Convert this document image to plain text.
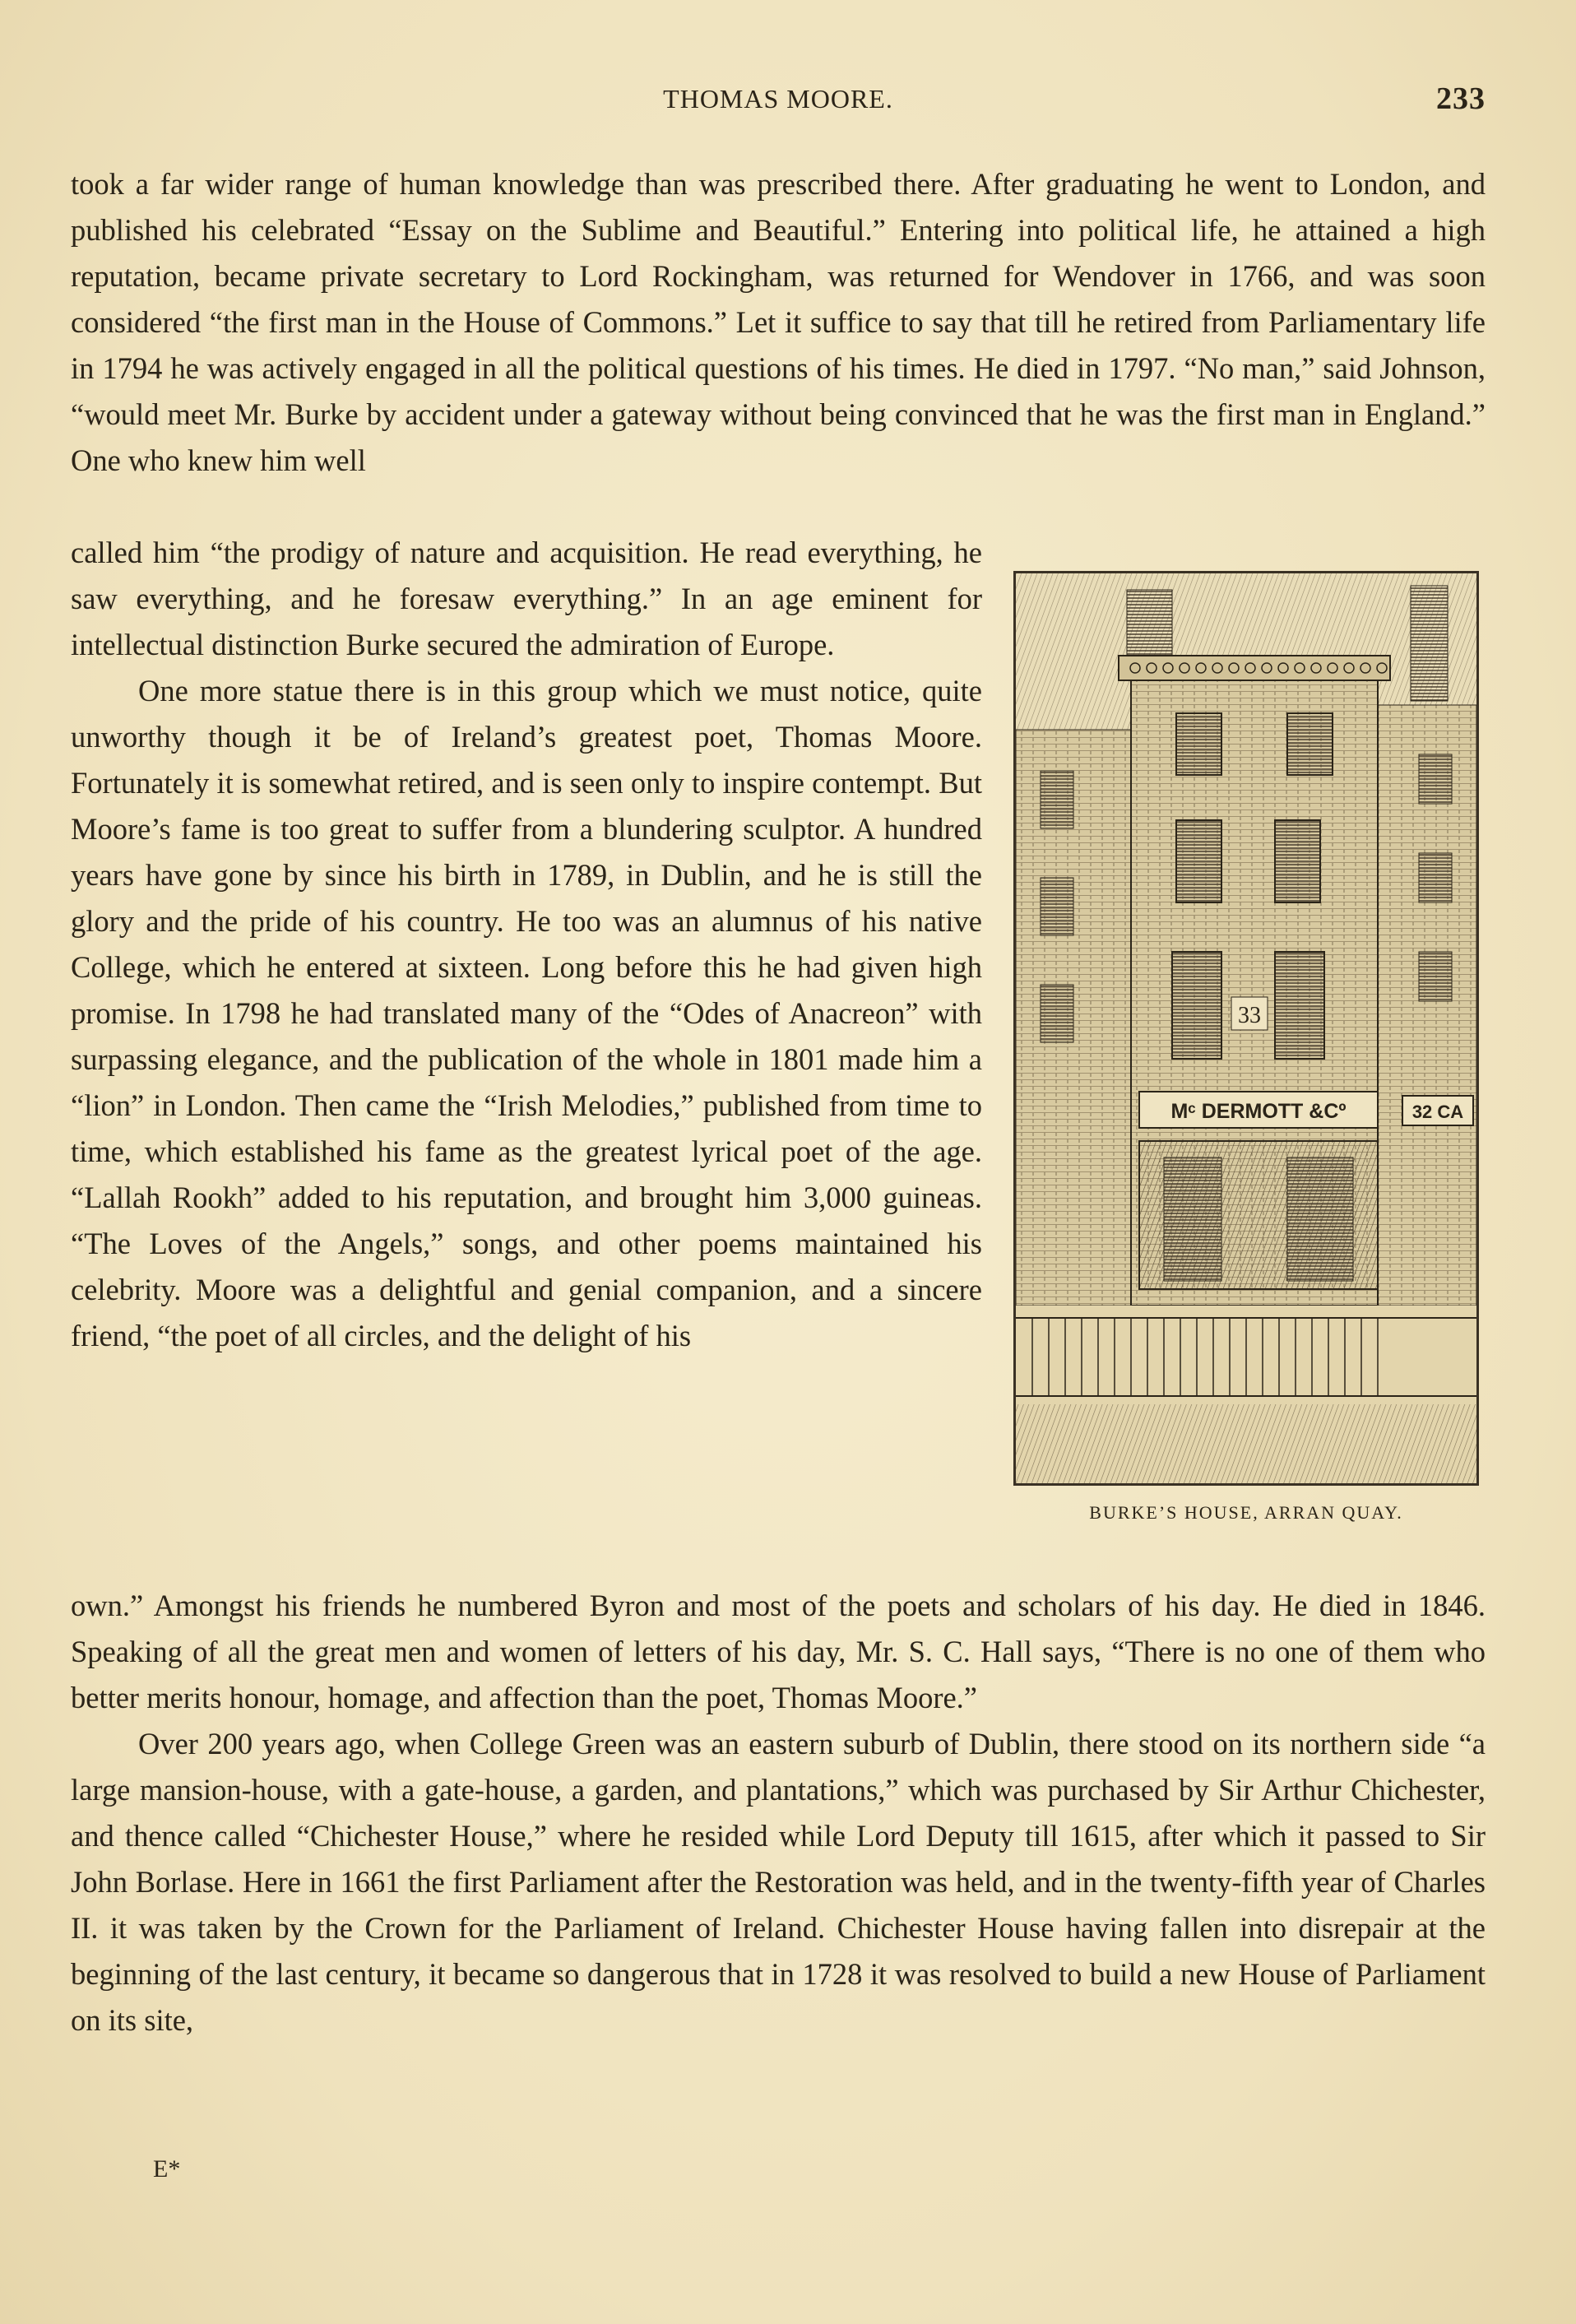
THOMAS MOORE.	233

took a far wider range of human knowledge than was prescribed there. After graduating he went to London, and published his celebrated “Essay on the Sublime and Beautiful.” Entering into political life, he attained a high reputation, became private secretary to Lord Rockingham, was returned for Wendover in 1766, and was soon considered “the first man in the House of Commons.” Let it suffice to say that till he retired from Parliamentary life in 1794 he was actively engaged in all the political questions of his times. He died in 1797. “No man,” said Johnson, “would meet Mr. Burke by accident under a gateway without being convinced that he was the first man in England.” One who knew him well

called him “the prodigy of nature and acquisition. He read everything, he saw everything, and he foresaw everything.” In an age eminent for intellectual distinction Burke secured the admiration of Europe.

One more statue there is in this group which we must notice, quite unworthy though it be of Ireland’s greatest poet, Thomas Moore. Fortunately it is somewhat retired, and is seen only to inspire contempt. But Moore’s fame is too great to suffer from a blundering sculptor. A hundred years have gone by since his birth in 1789, in Dublin, and he is still the glory and the pride of his country. He too was an alumnus of his native College, which he entered at sixteen. Long before this he had given high promise. In 1798 he had translated many of the “Odes of Anacreon” with surpassing elegance, and the publication of the whole in 1801 made him a “lion” in London. Then came the “Irish Melodies,” published from time to time, which established his fame as the greatest lyrical poet of the age. “Lallah Rookh” added to his reputation, and brought him 3,000 guineas. “The Loves of the Angels,” songs, and other poems maintained his celebrity. Moore was a delightful and genial companion, and a sincere friend, “the poet of all circles, and the delight of his

33
Mᶜ DERMOTT &Cº	32 CA
BURKE’S HOUSE, ARRAN QUAY.

own.” Amongst his friends he numbered Byron and most of the poets and scholars of his day. He died in 1846. Speaking of all the great men and women of letters of his day, Mr. S. C. Hall says, “There is no one of them who better merits honour, homage, and affection than the poet, Thomas Moore.”

Over 200 years ago, when College Green was an eastern suburb of Dublin, there stood on its northern side “a large mansion-house, with a gate-house, a garden, and plantations,” which was purchased by Sir Arthur Chichester, and thence called “Chichester House,” where he resided while Lord Deputy till 1615, after which it passed to Sir John Borlase. Here in 1661 the first Parliament after the Restoration was held, and in the twenty-fifth year of Charles II. it was taken by the Crown for the Parliament of Ireland. Chichester House having fallen into disrepair at the beginning of the last century, it became so dangerous that in 1728 it was resolved to build a new House of Parliament on its site,

E*
